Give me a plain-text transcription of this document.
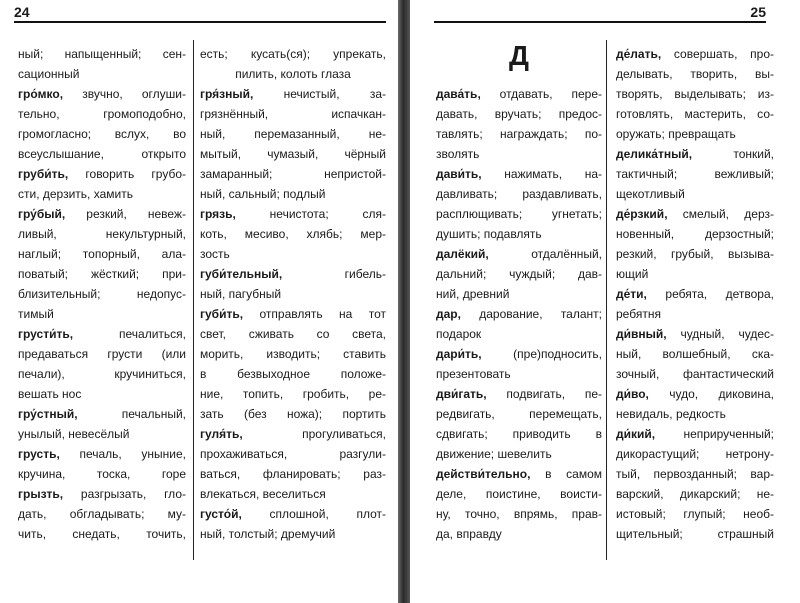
24
ный; напыщенный; сен-
сационный
гро́мко, звучно, оглуши-
тельно, громоподобно,
громогласно; вслух, во
всеуслышание, открыто
груби́ть, говорить грубо-
сти, дерзить, хамить
гру́бый, резкий, невеж-
ливый, некультурный,
наглый; топорный, ала-
поватый; жёсткий; при-
близительный; недопус-
тимый
грусти́ть, печалиться,
предаваться грусти (или
печали), кручиниться,
вешать нос
гру́стный, печальный,
унылый, невесёлый
грусть, печаль, уныние,
кручина, тоска, горе
грызть, разгрызать, гло-
дать, обгладывать; му-
чить, снедать, точить,
есть; кусать(ся); упрекать,
пилить, колоть глаза
гря́зный, нечистый, за-
грязнённый, испачкан-
ный, перемазанный, не-
мытый, чумазый, чёрный
замаранный; непристой-
ный, сальный; подлый
грязь, нечистота; сля-
коть, месиво, хлябь; мер-
зость
губи́тельный, гибель-
ный, пагубный
губи́ть, отправлять на тот
свет, сживать со света,
морить, изводить; ставить
в безвыходное положе-
ние, топить, гробить, ре-
зать (без ножа); портить
гуля́ть, прогуливаться,
прохаживаться, разгули-
ваться, фланировать; раз-
влекаться, веселиться
густо́й, сплошной, плот-
ный, толстый; дремучий
25
Д
дава́ть, отдавать, пере-
давать, вручать; предос-
тавлять; награждать; по-
зволять
дави́ть, нажимать, на-
давливать; раздавливать,
расплющивать; угнетать;
душить; подавлять
далёкий, отдалённый,
дальний; чуждый; дав-
ний, древний
дар, дарование, талант;
подарок
дари́ть, (пре)подносить,
презентовать
дви́гать, подвигать, пе-
редвигать, перемещать,
сдвигать; приводить в
движение; шевелить
действи́тельно, в самом
деле, поистине, воисти-
ну, точно, впрямь, прав-
да, вправду
де́лать, совершать, про-
делывать, творить, вы-
творять, выделывать; из-
готовлять, мастерить, со-
оружать; превращать
делика́тный, тонкий,
тактичный; вежливый;
щекотливый
де́рзкий, смелый, дерз-
новенный, дерзостный;
резкий, грубый, вызыва-
ющий
де́ти, ребята, детвора,
ребятня
ди́вный, чудный, чудес-
ный, волшебный, ска-
зочный, фантастический
ди́во, чудо, диковина,
невидаль, редкость
ди́кий, неприрученный;
дикорастущий; нетрону-
тый, первозданный; вар-
варский, дикарский; не-
истовый; глупый; необ-
щительный; страшный
